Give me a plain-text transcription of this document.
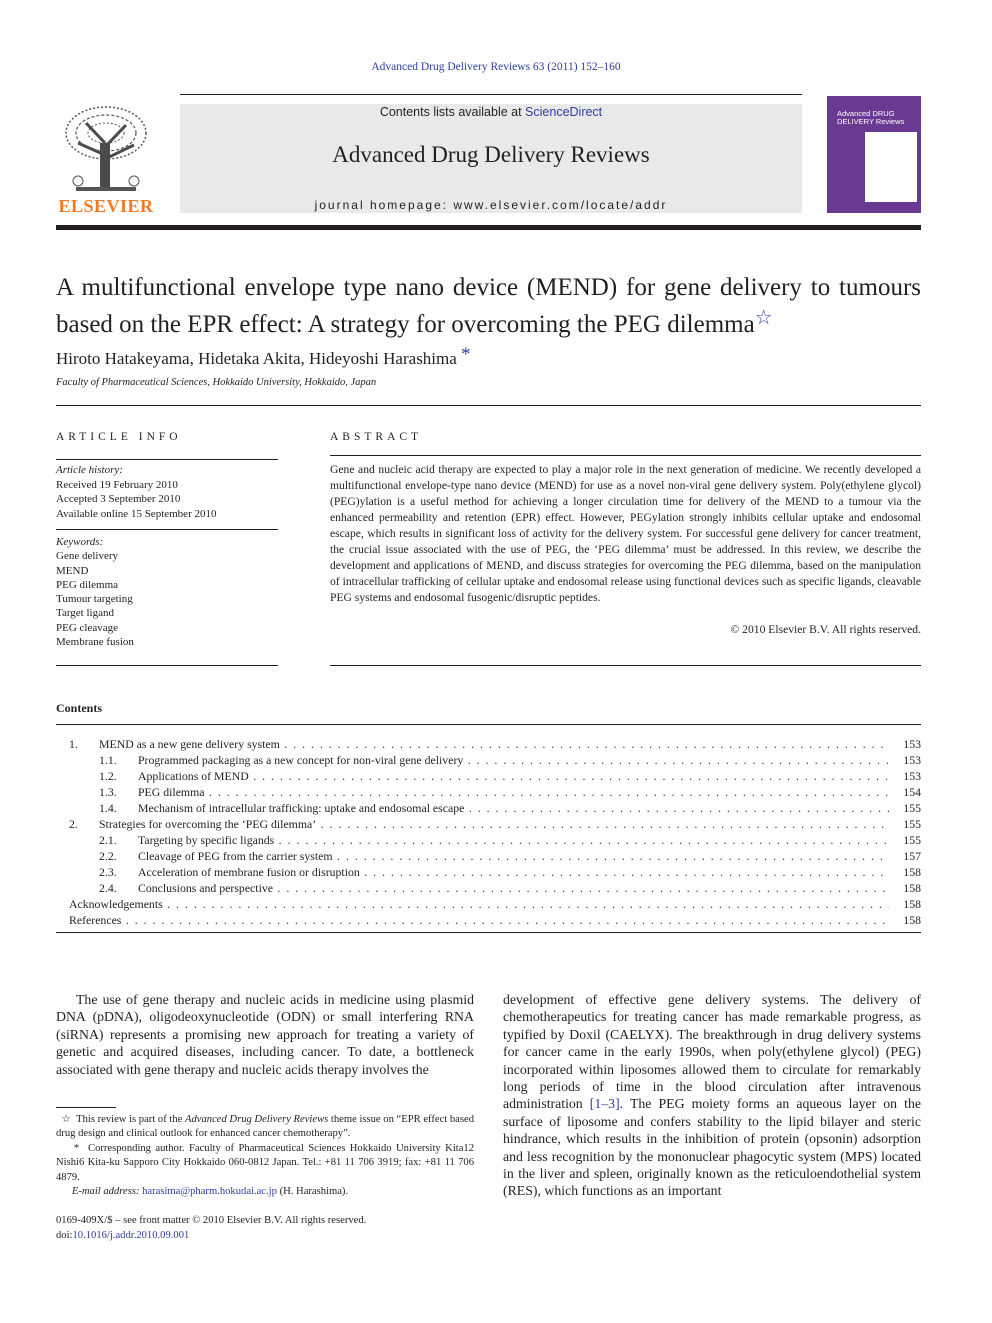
Advanced Drug Delivery Reviews 63 (2011) 152–160
ELSEVIER
Contents lists available at ScienceDirect
Advanced Drug Delivery Reviews
journal homepage: www.elsevier.com/locate/addr
Advanced DRUG DELIVERY Reviews
A multifunctional envelope type nano device (MEND) for gene delivery to tumours based on the EPR effect: A strategy for overcoming the PEG dilemma☆
Hiroto Hatakeyama, Hidetaka Akita, Hideyoshi Harashima *
Faculty of Pharmaceutical Sciences, Hokkaido University, Hokkaido, Japan
ARTICLE INFO
Article history:
Received 19 February 2010
Accepted 3 September 2010
Available online 15 September 2010
Keywords:
Gene delivery
MEND
PEG dilemma
Tumour targeting
Target ligand
PEG cleavage
Membrane fusion
ABSTRACT
Gene and nucleic acid therapy are expected to play a major role in the next generation of medicine. We recently developed a multifunctional envelope-type nano device (MEND) for use as a novel non-viral gene delivery system. Poly(ethylene glycol) (PEG)ylation is a useful method for achieving a longer circulation time for delivery of the MEND to a tumour via the enhanced permeability and retention (EPR) effect. However, PEGylation strongly inhibits cellular uptake and endosomal escape, which results in significant loss of activity for the delivery system. For successful gene delivery for cancer treatment, the crucial issue associated with the use of PEG, the ‘PEG dilemma’ must be addressed. In this review, we describe the development and applications of MEND, and discuss strategies for overcoming the PEG dilemma, based on the manipulation of intracellular trafficking of cellular uptake and endosomal release using functional devices such as specific ligands, cleavable PEG systems and endosomal fusogenic/disruptic peptides.
© 2010 Elsevier B.V. All rights reserved.
Contents
1. MEND as a new gene delivery system . . .	153
1.1. Programmed packaging as a new concept for non-viral gene delivery . . .	153
1.2. Applications of MEND . . .	153
1.3. PEG dilemma . . .	154
1.4. Mechanism of intracellular trafficking: uptake and endosomal escape . . .	155
2. Strategies for overcoming the ‘PEG dilemma’ . . .	155
2.1. Targeting by specific ligands . . .	155
2.2. Cleavage of PEG from the carrier system . . .	157
2.3. Acceleration of membrane fusion or disruption . . .	158
2.4. Conclusions and perspective . . .	158
Acknowledgements . . .	158
References . . .	158
The use of gene therapy and nucleic acids in medicine using plasmid DNA (pDNA), oligodeoxynucleotide (ODN) or small interfering RNA (siRNA) represents a promising new approach for treating a variety of genetic and acquired diseases, including cancer. To date, a bottleneck associated with gene therapy and nucleic acids therapy involves the
development of effective gene delivery systems. The delivery of chemotherapeutics for treating cancer has made remarkable progress, as typified by Doxil (CAELYX). The breakthrough in drug delivery systems for cancer came in the early 1990s, when poly(ethylene glycol) (PEG) incorporated within liposomes allowed them to circulate for remarkably long periods of time in the blood circulation after intravenous administration [1–3]. The PEG moiety forms an aqueous layer on the surface of liposome and confers stability to the lipid bilayer and steric hindrance, which results in the inhibition of protein (opsonin) adsorption and less recognition by the mononuclear phagocytic system (MPS) located in the liver and spleen, originally known as the reticuloendothelial system (RES), which functions as an important
☆ This review is part of the Advanced Drug Delivery Reviews theme issue on “EPR effect based drug design and clinical outlook for enhanced cancer chemotherapy”.
* Corresponding author. Faculty of Pharmaceutical Sciences Hokkaido University Kita12 Nishi6 Kita-ku Sapporo City Hokkaido 060-0812 Japan. Tel.: +81 11 706 3919; fax: +81 11 706 4879.
E-mail address: harasima@pharm.hokudai.ac.jp (H. Harashima).
0169-409X/$ – see front matter © 2010 Elsevier B.V. All rights reserved.
doi:10.1016/j.addr.2010.09.001
